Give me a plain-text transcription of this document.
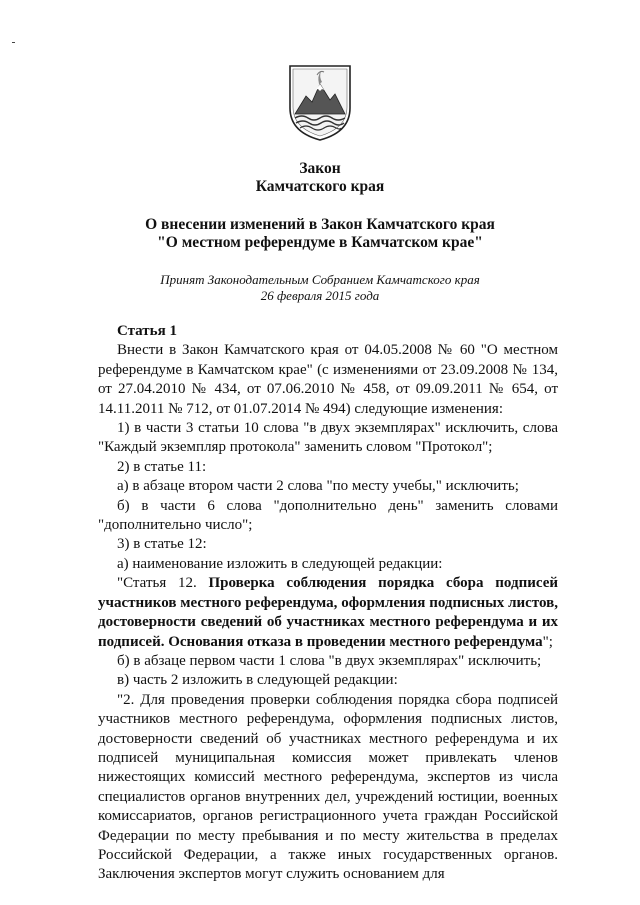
Закон
Камчатского края
О внесении изменений в Закон Камчатского края
"О местном референдуме в Камчатском крае"
Принят Законодательным Собранием Камчатского края
26 февраля 2015 года
Статья 1

Внести в Закон Камчатского края от 04.05.2008 № 60 "О местном референдуме в Камчатском крае" (с изменениями от 23.09.2008 № 134, от 27.04.2010 № 434, от 07.06.2010 № 458, от 09.09.2011 № 654, от 14.11.2011 № 712, от 01.07.2014 № 494) следующие изменения:

1) в части 3 статьи 10 слова "в двух экземплярах" исключить, слова "Каждый экземпляр протокола" заменить словом "Протокол";

2) в статье 11:

а) в абзаце втором части 2 слова "по месту учебы," исключить;

б) в части 6 слова "дополнительно день" заменить словами "дополнительно число";

3) в статье 12:

а) наименование изложить в следующей редакции:

"Статья 12. Проверка соблюдения порядка сбора подписей участников местного референдума, оформления подписных листов, достоверности сведений об участниках местного референдума и их подписей. Основания отказа в проведении местного референдума";

б) в абзаце первом части 1 слова "в двух экземплярах" исключить;

в) часть 2 изложить в следующей редакции:

"2. Для проведения проверки соблюдения порядка сбора подписей участников местного референдума, оформления подписных листов, достоверности сведений об участниках местного референдума и их подписей муниципальная комиссия может привлекать членов нижестоящих комиссий местного референдума, экспертов из числа специалистов органов внутренних дел, учреждений юстиции, военных комиссариатов, органов регистрационного учета граждан Российской Федерации по месту пребывания и по месту жительства в пределах Российской Федерации, а также иных государственных органов. Заключения экспертов могут служить основанием для
